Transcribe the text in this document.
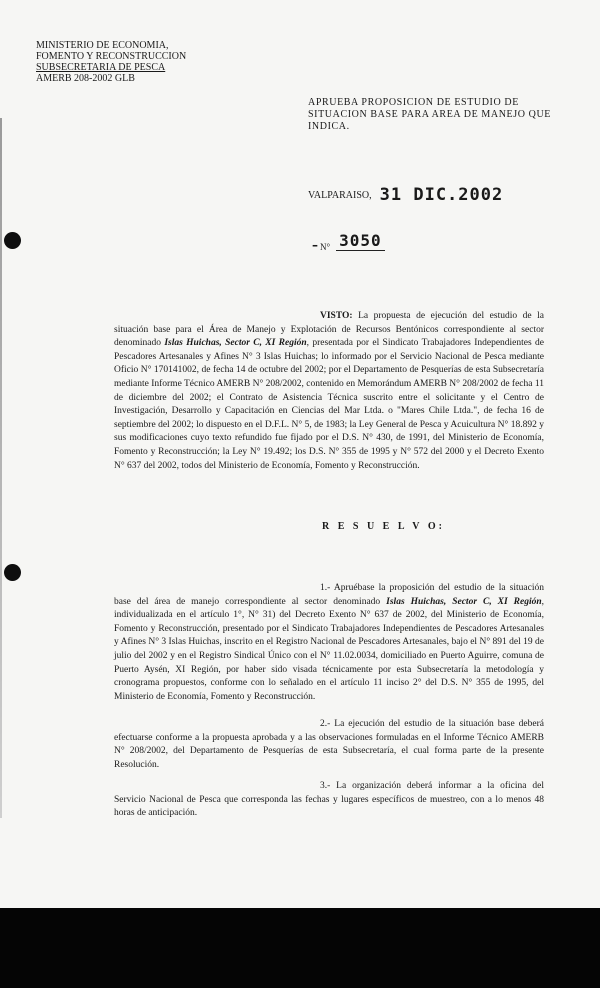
MINISTERIO DE ECONOMIA,
FOMENTO Y RECONSTRUCCION
SUBSECRETARIA DE PESCA
AMERB 208-2002 GLB
APRUEBA PROPOSICION DE ESTUDIO DE SITUACION BASE PARA AREA DE MANEJO QUE INDICA.
VALPARAISO, 31 DIC.2002
- N° 3050
VISTO: La propuesta de ejecución del estudio de la situación base para el Área de Manejo y Explotación de Recursos Bentónicos correspondiente al sector denominado Islas Huichas, Sector C, XI Región, presentada por el Sindicato Trabajadores Independientes de Pescadores Artesanales y Afines N° 3 Islas Huichas; lo informado por el Servicio Nacional de Pesca mediante Oficio N° 170141002, de fecha 14 de octubre del 2002; por el Departamento de Pesquerías de esta Subsecretaría mediante Informe Técnico AMERB N° 208/2002, contenido en Memorándum AMERB N° 208/2002 de fecha 11 de diciembre del 2002; el Contrato de Asistencia Técnica suscrito entre el solicitante y el Centro de Investigación, Desarrollo y Capacitación en Ciencias del Mar Ltda. o "Mares Chile Ltda.", de fecha 16 de septiembre del 2002; lo dispuesto en el D.F.L. N° 5, de 1983; la Ley General de Pesca y Acuicultura N° 18.892 y sus modificaciones cuyo texto refundido fue fijado por el D.S. N° 430, de 1991, del Ministerio de Economía, Fomento y Reconstrucción; la Ley N° 19.492; los D.S. N° 355 de 1995 y N° 572 del 2000 y el Decreto Exento N° 637 del 2002, todos del Ministerio de Economía, Fomento y Reconstrucción.
R E S U E L V O:
1.- Apruébase la proposición del estudio de la situación base del área de manejo correspondiente al sector denominado Islas Huichas, Sector C, XI Región, individualizada en el artículo 1°, N° 31) del Decreto Exento N° 637 de 2002, del Ministerio de Economía, Fomento y Reconstrucción, presentado por el Sindicato Trabajadores Independientes de Pescadores Artesanales y Afines N° 3 Islas Huichas, inscrito en el Registro Nacional de Pescadores Artesanales, bajo el N° 891 del 19 de julio del 2002 y en el Registro Sindical Único con el N° 11.02.0034, domiciliado en Puerto Aguirre, comuna de Puerto Aysén, XI Región, por haber sido visada técnicamente por esta Subsecretaría la metodología y cronograma propuestos, conforme con lo señalado en el artículo 11 inciso 2° del D.S. N° 355 de 1995, del Ministerio de Economía, Fomento y Reconstrucción.
2.- La ejecución del estudio de la situación base deberá efectuarse conforme a la propuesta aprobada y a las observaciones formuladas en el Informe Técnico AMERB N° 208/2002, del Departamento de Pesquerías de esta Subsecretaría, el cual forma parte de la presente Resolución.
3.- La organización deberá informar a la oficina del Servicio Nacional de Pesca que corresponda las fechas y lugares específicos de muestreo, con a lo menos 48 horas de anticipación.
